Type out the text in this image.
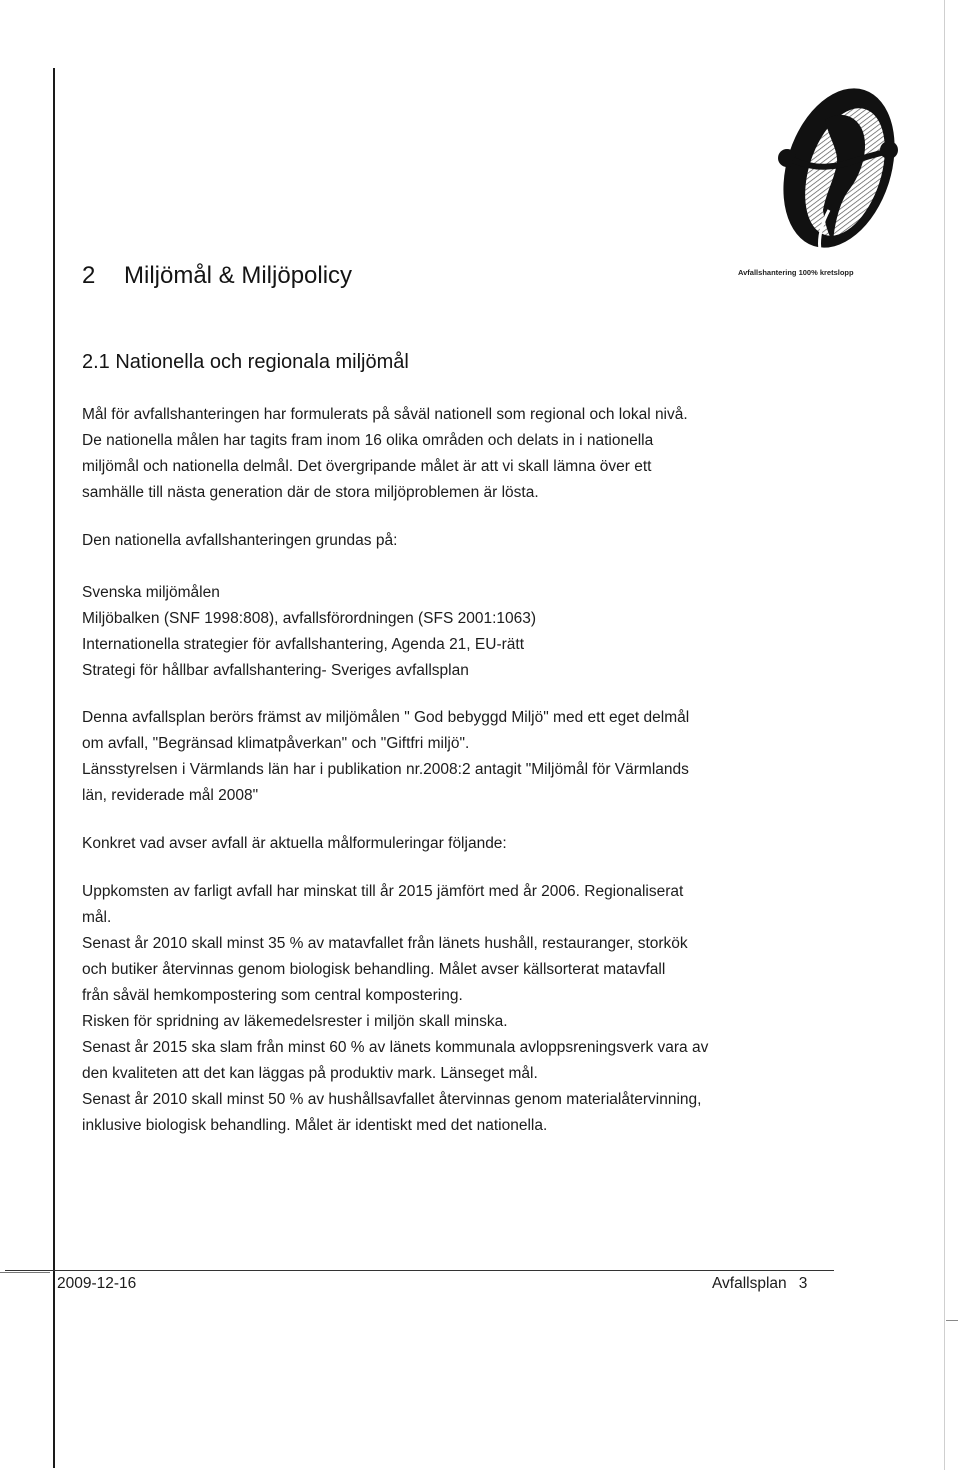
Avfallshantering 100% kretslopp
2 Miljömål & Miljöpolicy
2.1 Nationella och regionala miljömål
Mål för avfallshanteringen har formulerats på såväl nationell som regional och lokal nivå.
De nationella målen har tagits fram inom 16 olika områden och delats in i nationella
miljömål och nationella delmål. Det övergripande målet är att vi skall lämna över ett
samhälle till nästa generation där de stora miljöproblemen är lösta.
Den nationella avfallshanteringen grundas på:
Svenska miljömålen
Miljöbalken (SNF 1998:808), avfallsförordningen (SFS 2001:1063)
Internationella strategier för avfallshantering, Agenda 21, EU-rätt
Strategi för hållbar avfallshantering- Sveriges avfallsplan
Denna avfallsplan berörs främst av miljömålen " God bebyggd Miljö" med ett eget delmål
om avfall, "Begränsad klimatpåverkan" och "Giftfri miljö".
Länsstyrelsen i Värmlands län har i publikation nr.2008:2 antagit "Miljömål för Värmlands
län, reviderade mål 2008"
Konkret vad avser avfall är aktuella målformuleringar följande:
Uppkomsten av farligt avfall har minskat till år 2015 jämfört med år 2006. Regionaliserat
mål.
Senast år 2010 skall minst 35 % av matavfallet från länets hushåll, restauranger, storkök
och butiker återvinnas genom biologisk behandling. Målet avser källsorterat matavfall
från såväl hemkompostering som central kompostering.
Risken för spridning av läkemedelsrester i miljön skall minska.
Senast år 2015 ska slam från minst 60 % av länets kommunala avloppsreningsverk vara av
den kvaliteten att det kan läggas på produktiv mark. Länseget mål.
Senast år 2010 skall minst 50 % av hushållsavfallet återvinnas genom materialåtervinning,
inklusive biologisk behandling. Målet är identiskt med det nationella.
2009-12-16	Avfallsplan 3
